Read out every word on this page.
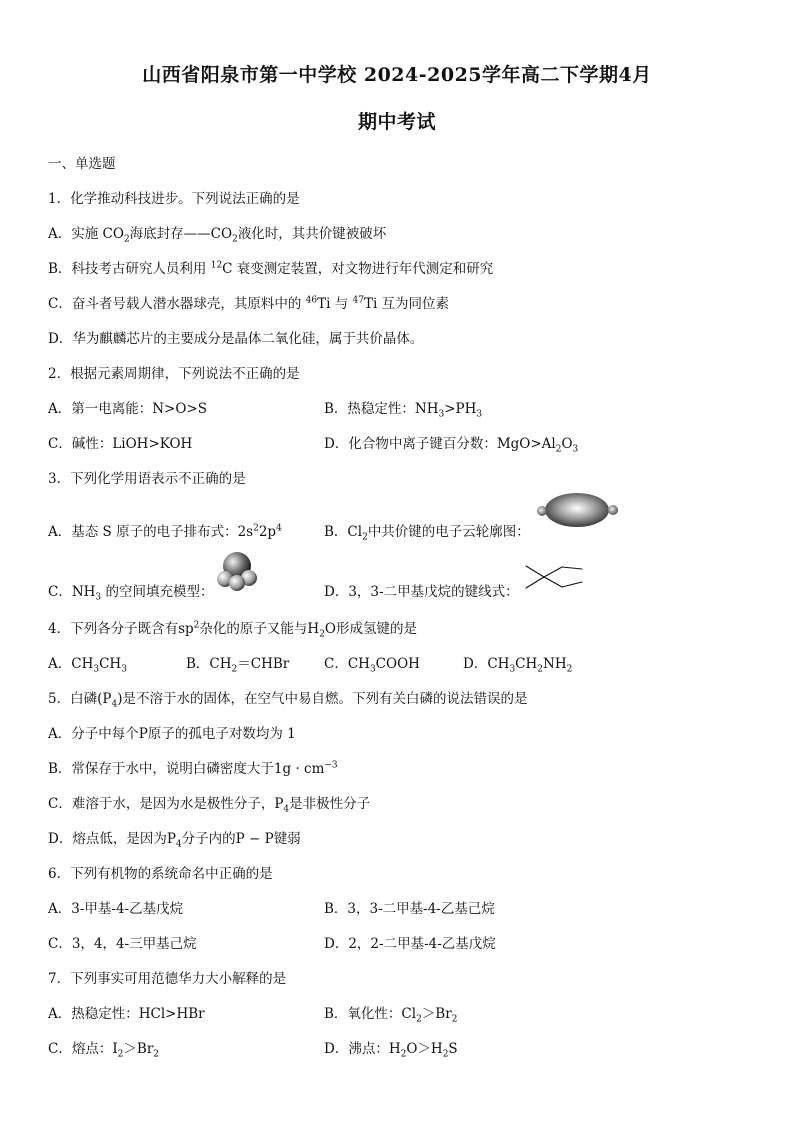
山西省阳泉市第一中学校 2024-2025学年高二下学期4月
期中考试
一、单选题
1．化学推动科技进步。下列说法正确的是
A．实施 $CO_2$海底封存$——CO_2$液化时，其共价键被破坏
B．科技考古研究人员利用 $^{12}$C 衰变测定装置，对文物进行年代测定和研究
C．奋斗者号载人潜水器球壳，其原料中的 $^{46}$Ti 与 $^{47}$Ti 互为同位素
D．华为麒麟芯片的主要成分是晶体二氧化硅，属于共价晶体。
2．根据元素周期律，下列说法不正确的是
A．第一电离能：N>O>S	B．热稳定性：$NH_3>PH_3$
C．碱性：LiOH>KOH	D．化合物中离子键百分数：$MgO>Al_2O_3$
3．下列化学用语表示不正确的是
A．基态 S 原子的电子排布式：$2s^22p^4$	B．$Cl_2$中共价键的电子云轮廓图：
C．$NH_3$ 的空间填充模型：	D．3，3-二甲基戊烷的键线式：
4．下列各分子既含有$sp^2$杂化的原子又能与$H_2O$形成氢键的是
A．$CH_3CH_3$	B．$CH_2=CHBr$	C．$CH_3COOH$	D．$CH_3CH_2NH_2$
5．白磷$(P_4)$是不溶于水的固体，在空气中易自燃。下列有关白磷的说法错误的是
A．分子中每个P原子的孤电子对数均为 1
B．常保存于水中，说明白磷密度大于$1g \cdot cm^{-3}$
C．难溶于水，是因为水是极性分子，$P_4$是非极性分子
D．熔点低，是因为$P_4$分子内的P − P键弱
6．下列有机物的系统命名中正确的是
A．3-甲基-4-乙基戊烷	B．3，3-二甲基-4-乙基己烷
C．3，4，4-三甲基己烷	D．2，2-二甲基-4-乙基戊烷
7．下列事实可用范德华力大小解释的是
A．热稳定性：HCl>HBr	B．氧化性：$Cl_2>Br_2$
C．熔点：$I_2>Br_2$	D．沸点：$H_2O>H_2S$
